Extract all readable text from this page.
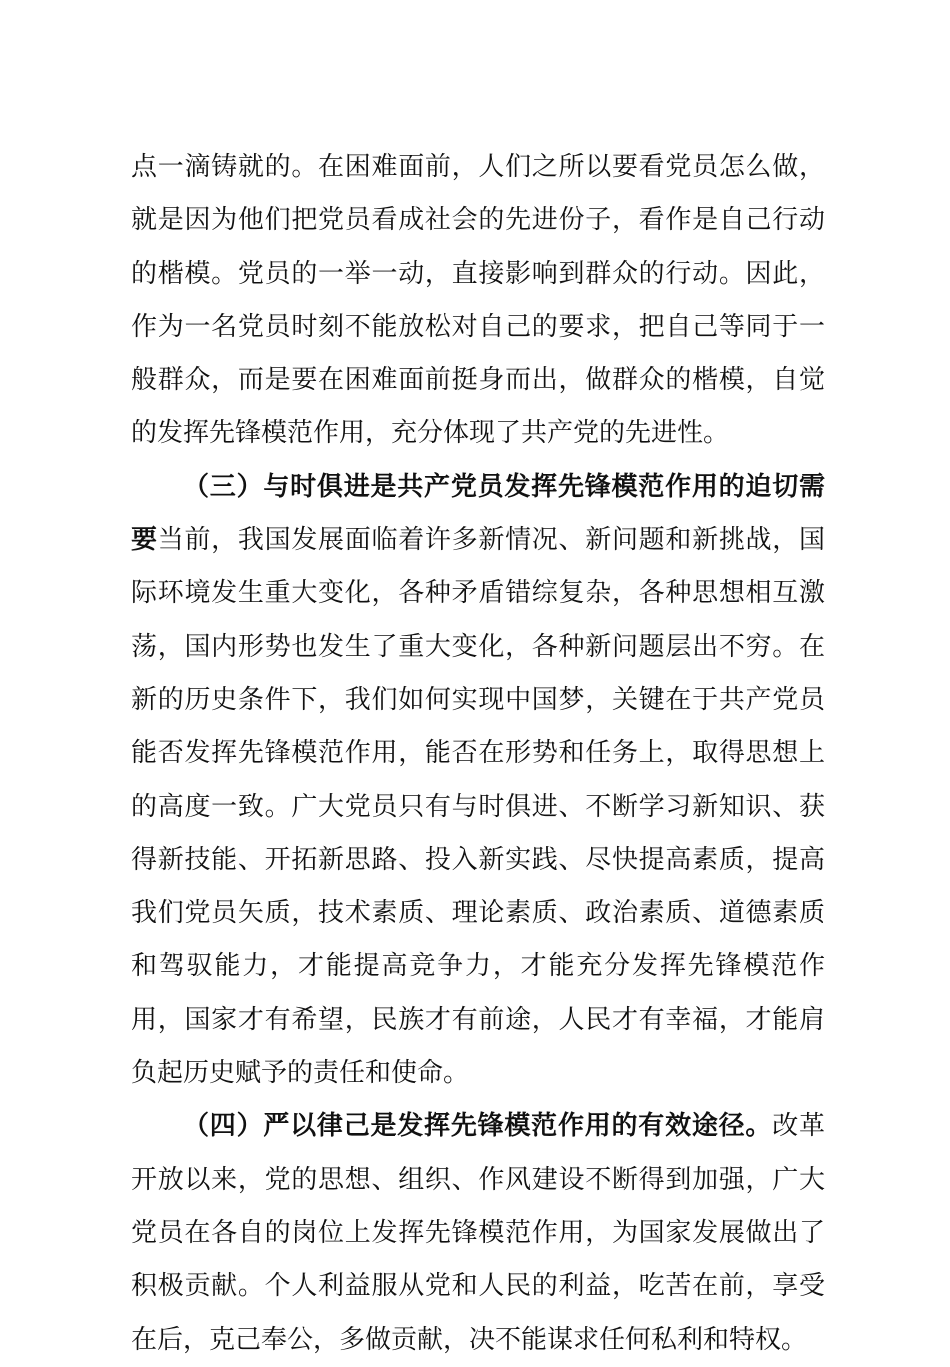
点一滴铸就的。在困难面前，人们之所以要看党员怎么做，就是因为他们把党员看成社会的先进份子，看作是自己行动的楷模。党员的一举一动，直接影响到群众的行动。因此，作为一名党员时刻不能放松对自己的要求，把自己等同于一般群众，而是要在困难面前挺身而出，做群众的楷模，自觉的发挥先锋模范作用，充分体现了共产党的先进性。

（三）与时俱进是共产党员发挥先锋模范作用的迫切需要当前，我国发展面临着许多新情况、新问题和新挑战，国际环境发生重大变化，各种矛盾错综复杂，各种思想相互激荡，国内形势也发生了重大变化，各种新问题层出不穷。在新的历史条件下，我们如何实现中国梦，关键在于共产党员能否发挥先锋模范作用，能否在形势和任务上，取得思想上的高度一致。广大党员只有与时俱进、不断学习新知识、获得新技能、开拓新思路、投入新实践、尽快提高素质，提高我们党员矢质，技术素质、理论素质、政治素质、道德素质和驾驭能力，才能提高竞争力，才能充分发挥先锋模范作用，国家才有希望，民族才有前途，人民才有幸福，才能肩负起历史赋予的责任和使命。

（四）严以律己是发挥先锋模范作用的有效途径。改革开放以来，党的思想、组织、作风建设不断得到加强，广大党员在各自的岗位上发挥先锋模范作用，为国家发展做出了积极贡献。个人利益服从党和人民的利益，吃苦在前，享受在后，克己奉公，多做贡献，决不能谋求任何私利和特权。
